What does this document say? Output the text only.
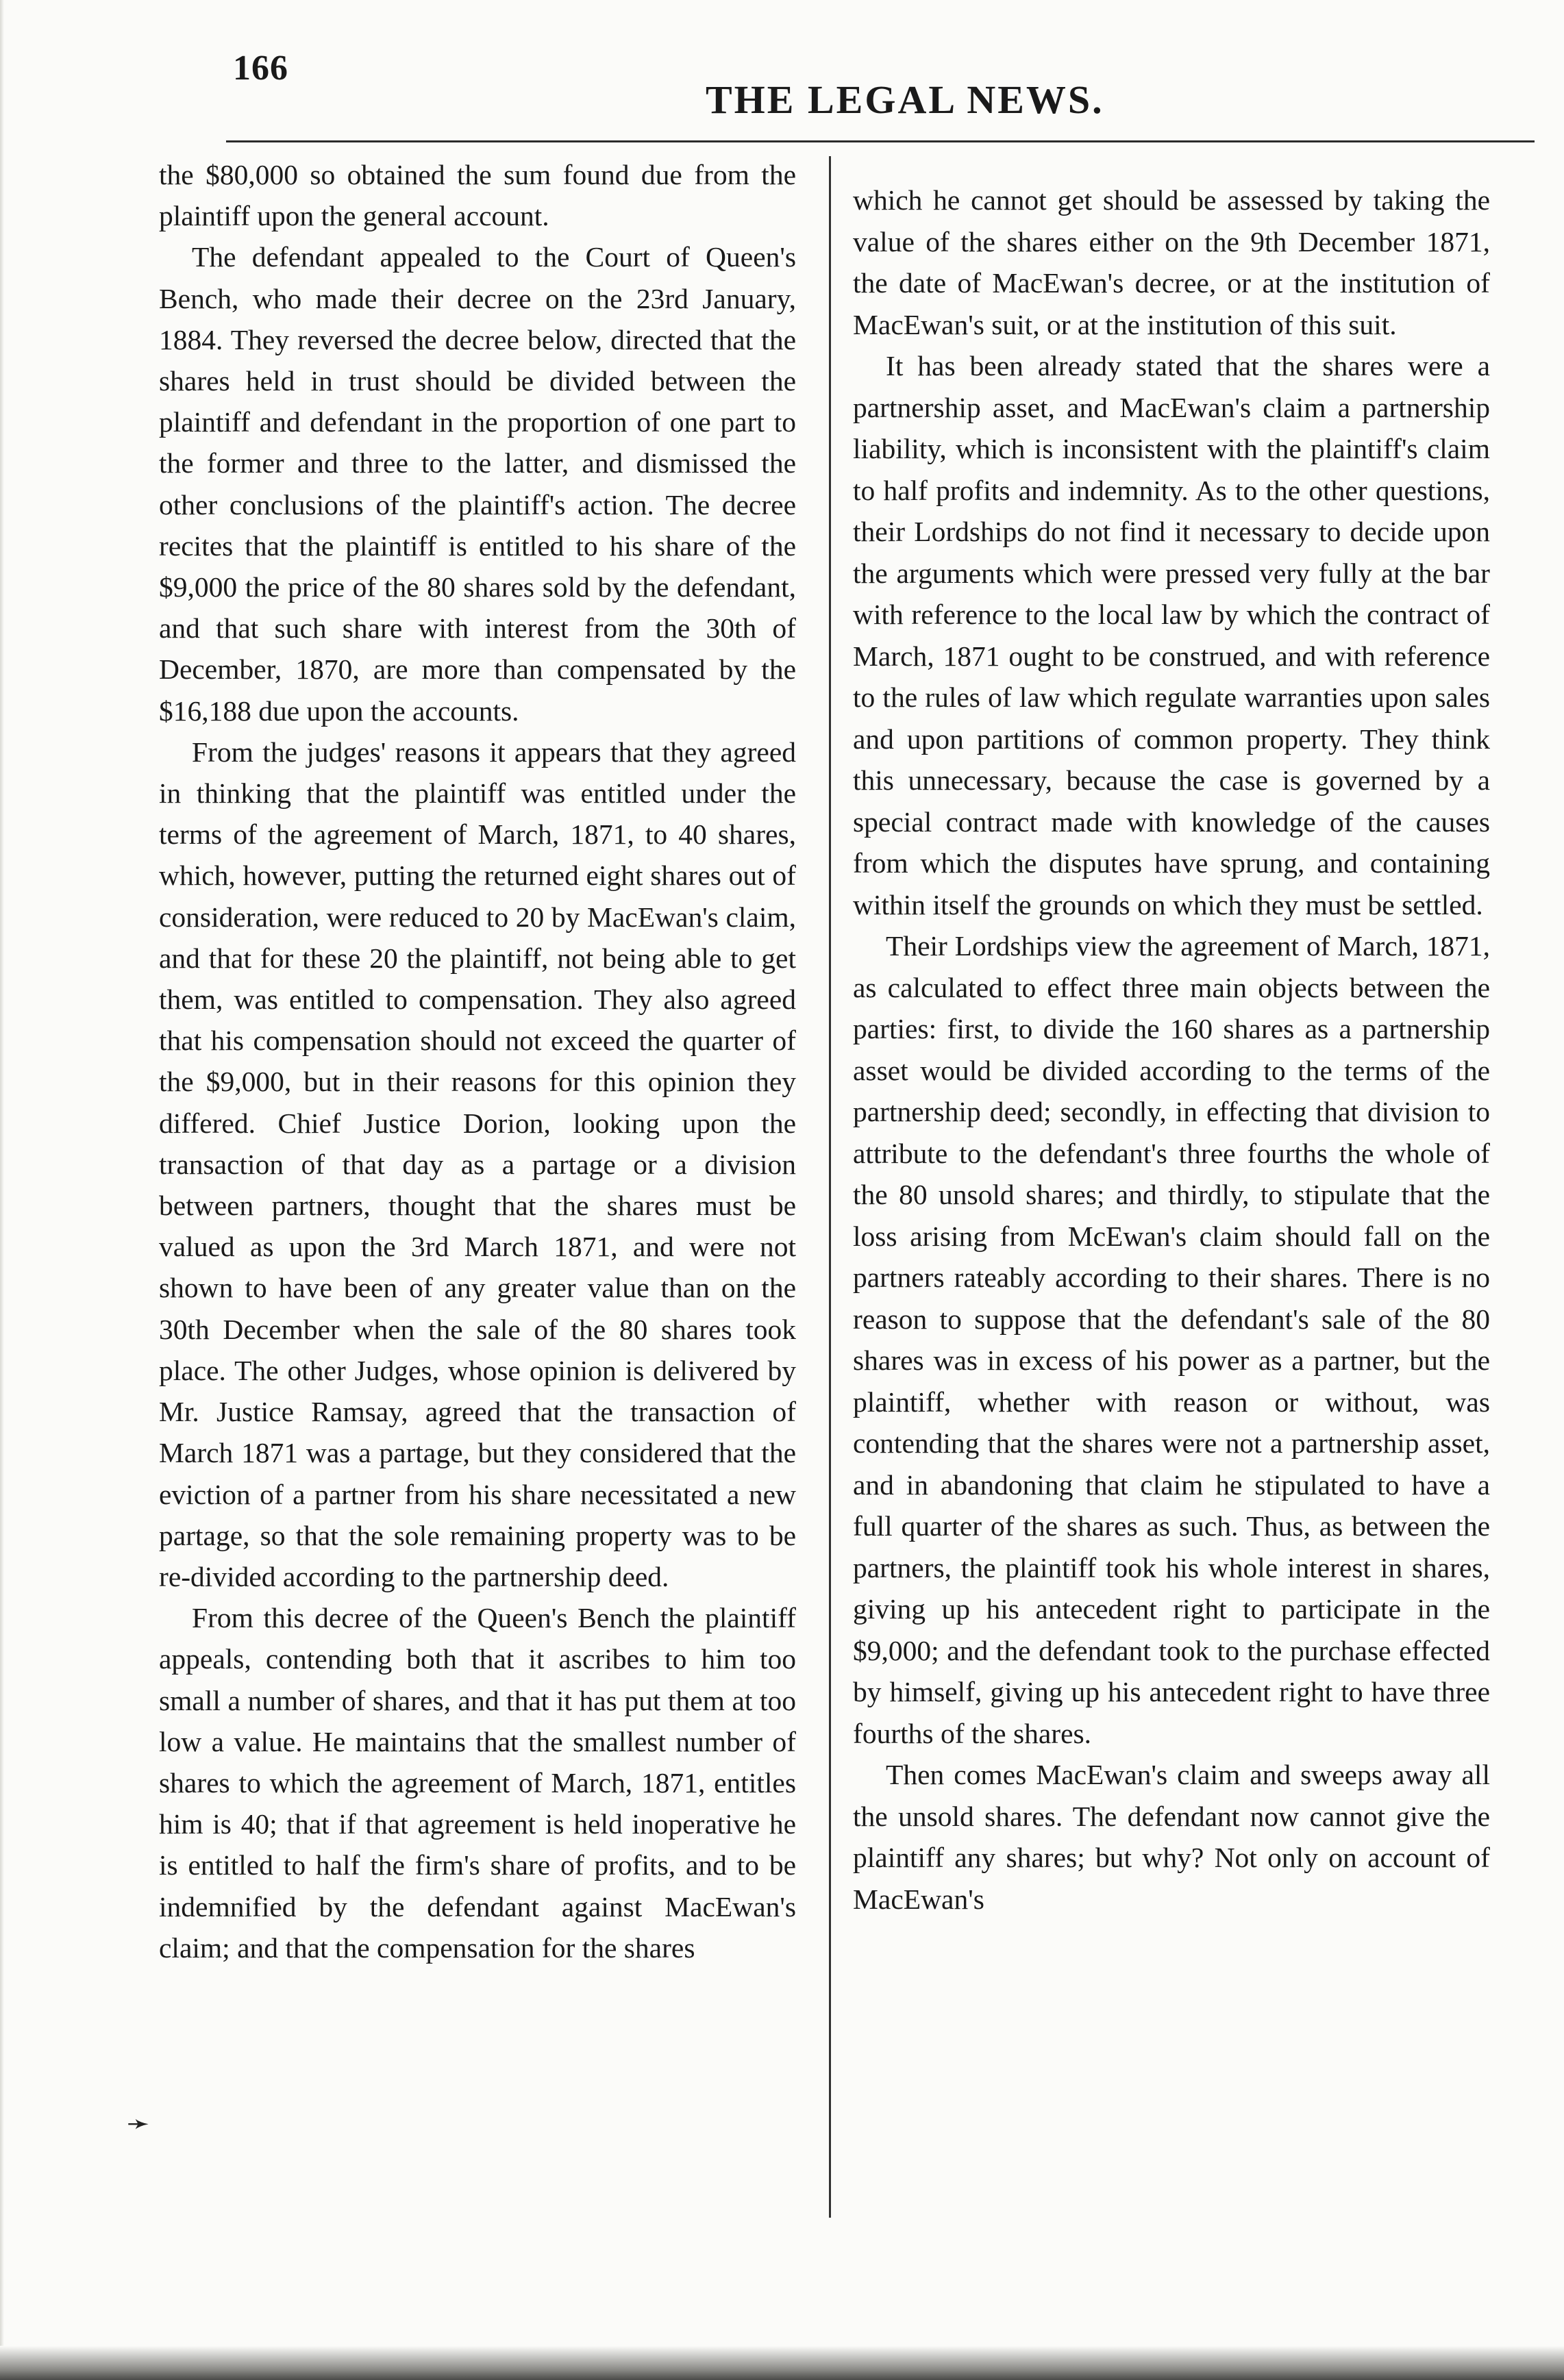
166
THE LEGAL NEWS.

the $80,000 so obtained the sum found due from the plaintiff upon the general account.

The defendant appealed to the Court of Queen's Bench, who made their decree on the 23rd January, 1884. They reversed the decree below, directed that the shares held in trust should be divided between the plaintiff and defendant in the proportion of one part to the former and three to the latter, and dismissed the other conclusions of the plaintiff's action. The decree recites that the plaintiff is entitled to his share of the $9,000 the price of the 80 shares sold by the defendant, and that such share with interest from the 30th of December, 1870, are more than compensated by the $16,188 due upon the accounts.

From the judges' reasons it appears that they agreed in thinking that the plaintiff was entitled under the terms of the agreement of March, 1871, to 40 shares, which, however, putting the returned eight shares out of consideration, were reduced to 20 by MacEwan's claim, and that for these 20 the plaintiff, not being able to get them, was entitled to compensation. They also agreed that his compensation should not exceed the quarter of the $9,000, but in their reasons for this opinion they differed. Chief Justice Dorion, looking upon the transaction of that day as a partage or a division between partners, thought that the shares must be valued as upon the 3rd March 1871, and were not shown to have been of any greater value than on the 30th December when the sale of the 80 shares took place. The other Judges, whose opinion is delivered by Mr. Justice Ramsay, agreed that the transaction of March 1871 was a partage, but they considered that the eviction of a partner from his share necessitated a new partage, so that the sole remaining property was to be re-divided according to the partnership deed.

From this decree of the Queen's Bench the plaintiff appeals, contending both that it ascribes to him too small a number of shares, and that it has put them at too low a value. He maintains that the smallest number of shares to which the agreement of March, 1871, entitles him is 40; that if that agreement is held inoperative he is entitled to half the firm's share of profits, and to be indemnified by the defendant against MacEwan's claim; and that the compensation for the shares

which he cannot get should be assessed by taking the value of the shares either on the 9th December 1871, the date of MacEwan's decree, or at the institution of MacEwan's suit, or at the institution of this suit.

It has been already stated that the shares were a partnership asset, and MacEwan's claim a partnership liability, which is inconsistent with the plaintiff's claim to half profits and indemnity. As to the other questions, their Lordships do not find it necessary to decide upon the arguments which were pressed very fully at the bar with reference to the local law by which the contract of March, 1871 ought to be construed, and with reference to the rules of law which regulate warranties upon sales and upon partitions of common property. They think this unnecessary, because the case is governed by a special contract made with knowledge of the causes from which the disputes have sprung, and containing within itself the grounds on which they must be settled.

Their Lordships view the agreement of March, 1871, as calculated to effect three main objects between the parties: first, to divide the 160 shares as a partnership asset would be divided according to the terms of the partnership deed; secondly, in effecting that division to attribute to the defendant's three fourths the whole of the 80 unsold shares; and thirdly, to stipulate that the loss arising from McEwan's claim should fall on the partners rateably according to their shares. There is no reason to suppose that the defendant's sale of the 80 shares was in excess of his power as a partner, but the plaintiff, whether with reason or without, was contending that the shares were not a partnership asset, and in abandoning that claim he stipulated to have a full quarter of the shares as such. Thus, as between the partners, the plaintiff took his whole interest in shares, giving up his antecedent right to participate in the $9,000; and the defendant took to the purchase effected by himself, giving up his antecedent right to have three fourths of the shares.

Then comes MacEwan's claim and sweeps away all the unsold shares. The defendant now cannot give the plaintiff any shares; but why? Not only on account of MacEwan's

➛
